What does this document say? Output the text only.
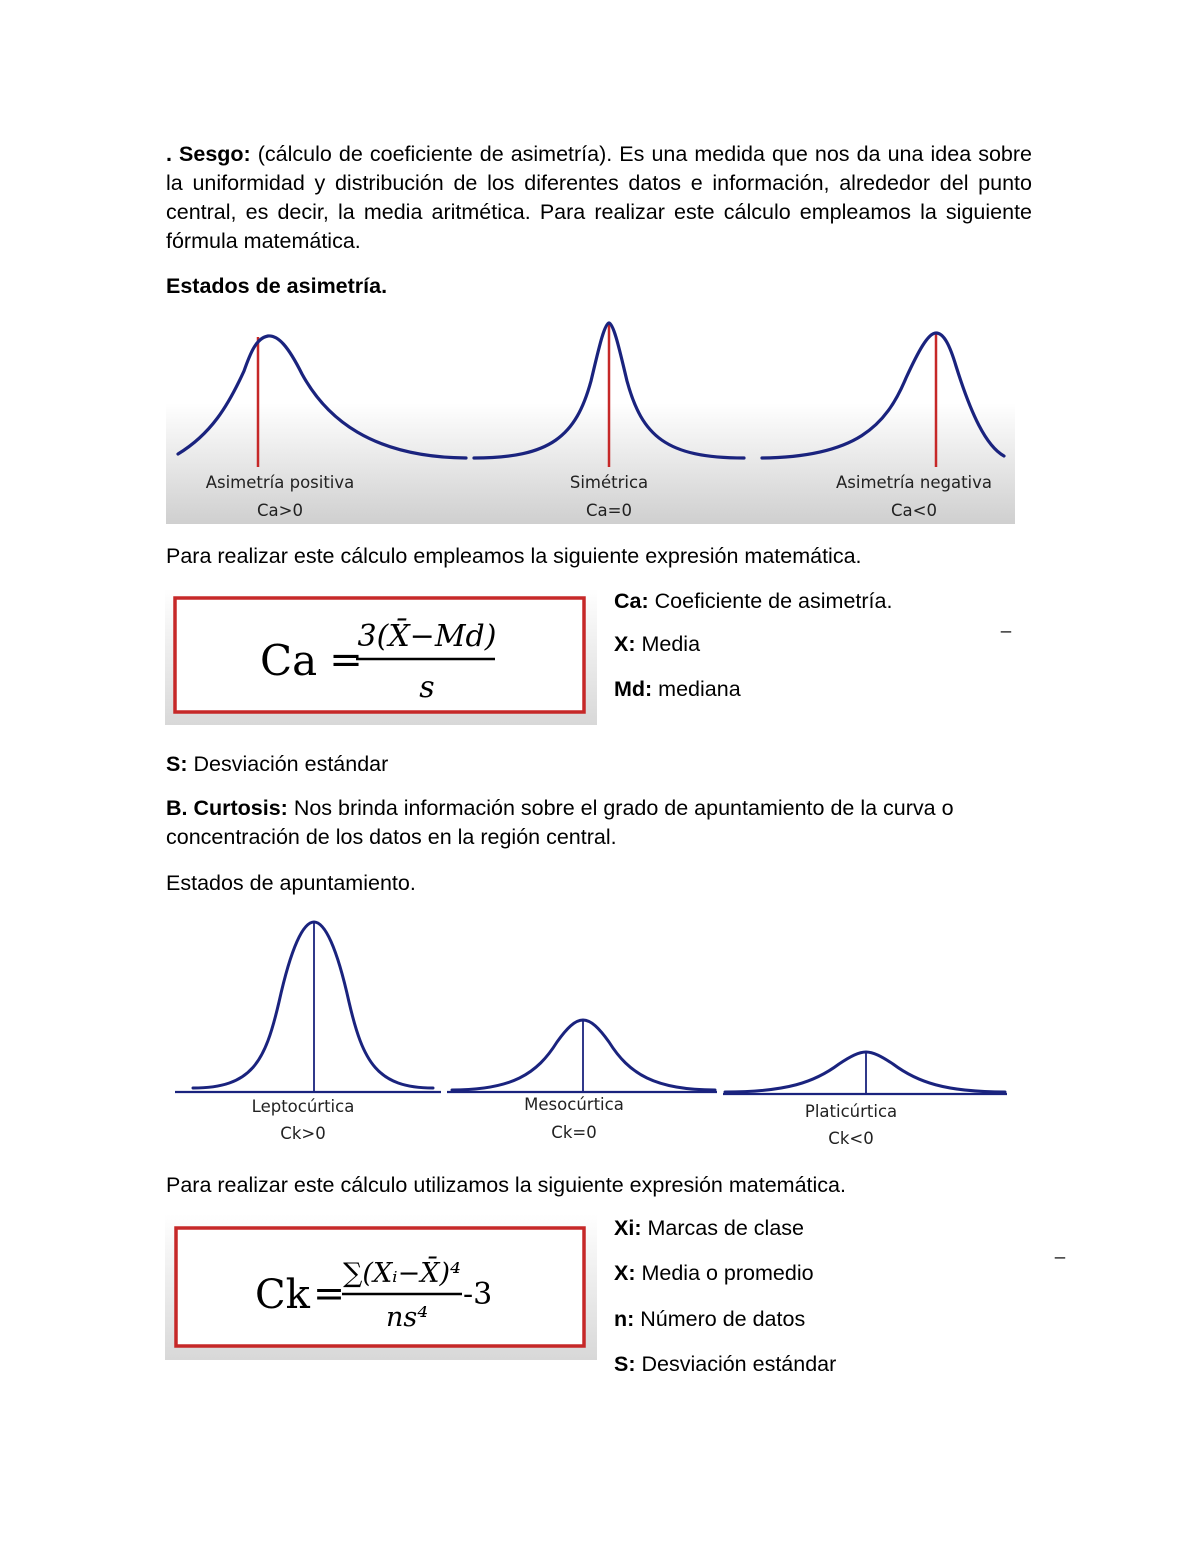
. Sesgo: (cálculo de coeficiente de asimetría). Es una medida que nos da una idea sobre la uniformidad y distribución de los diferentes datos e información, alrededor del punto central, es decir, la media aritmética. Para realizar este cálculo empleamos la siguiente fórmula matemática.

Estados de asimetría.

Asimetría positiva
Ca>0
Simétrica
Ca=0
Asimetría negativa
Ca<0

Para realizar este cálculo empleamos la siguiente expresión matemática.

Ca =
3(X̄−Md)
s
Ca: Coeficiente de asimetría.
X: Media
_
Md: mediana
S: Desviación estándar

B. Curtosis: Nos brinda información sobre el grado de apuntamiento de la curva o concentración de los datos en la región central.

Estados de apuntamiento.

Leptocúrtica
Ck>0
Mesocúrtica
Ck=0
Platicúrtica
Ck<0

Para realizar este cálculo utilizamos la siguiente expresión matemática.

Ck =
∑(Xᵢ−X̄)⁴
ns⁴
-3
Xi: Marcas de clase
_
X: Media o promedio
n: Número de datos
S: Desviación estándar
